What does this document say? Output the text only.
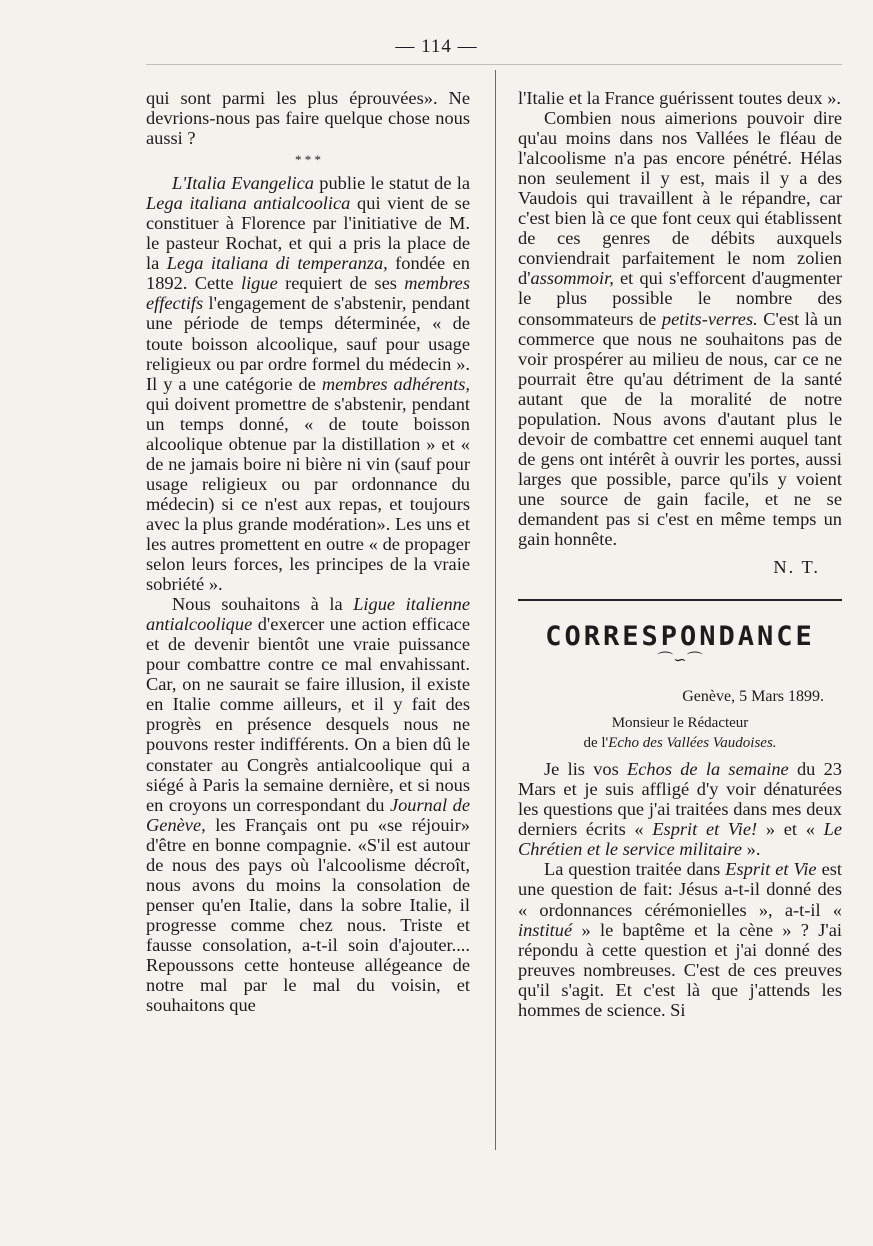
— 114 —

qui sont parmi les plus éprouvées». Ne devrions-nous pas faire quelque chose nous aussi ?

* * *

L'Italia Evangelica publie le statut de la Lega italiana antialcoolica qui vient de se constituer à Florence par l'initiative de M. le pasteur Rochat, et qui a pris la place de la Lega italiana di temperanza, fondée en 1892. Cette ligue requiert de ses membres effectifs l'engagement de s'abstenir, pendant une période de temps déterminée, « de toute boisson alcoolique, sauf pour usage religieux ou par ordre formel du médecin ». Il y a une catégorie de membres adhérents, qui doivent promettre de s'abstenir, pendant un temps donné, « de toute boisson alcoolique obtenue par la distillation » et « de ne jamais boire ni bière ni vin (sauf pour usage religieux ou par ordonnance du médecin) si ce n'est aux repas, et toujours avec la plus grande modération». Les uns et les autres promettent en outre « de propager selon leurs forces, les principes de la vraie sobriété ».

Nous souhaitons à la Ligue italienne antialcoolique d'exercer une action efficace et de devenir bientôt une vraie puissance pour combattre contre ce mal envahissant. Car, on ne saurait se faire illusion, il existe en Italie comme ailleurs, et il y fait des progrès en présence desquels nous ne pouvons rester indifférents. On a bien dû le constater au Congrès antialcoolique qui a siégé à Paris la semaine dernière, et si nous en croyons un correspondant du Journal de Genève, les Français ont pu «se réjouir» d'être en bonne compagnie. «S'il est autour de nous des pays où l'alcoolisme décroît, nous avons du moins la consolation de penser qu'en Italie, dans la sobre Italie, il progresse comme chez nous. Triste et fausse consolation, a-t-il soin d'ajouter.... Repoussons cette honteuse allégeance de notre mal par le mal du voisin, et souhaitons que

l'Italie et la France guérissent toutes deux ».

Combien nous aimerions pouvoir dire qu'au moins dans nos Vallées le fléau de l'alcoolisme n'a pas encore pénétré. Hélas non seulement il y est, mais il y a des Vaudois qui travaillent à le répandre, car c'est bien là ce que font ceux qui établissent de ces genres de débits auxquels conviendrait parfaitement le nom zolien d'assommoir, et qui s'efforcent d'augmenter le plus possible le nombre des consommateurs de petits-verres. C'est là un commerce que nous ne souhaitons pas de voir prospérer au milieu de nous, car ce ne pourrait être qu'au détriment de la santé autant que de la moralité de notre population. Nous avons d'autant plus le devoir de combattre cet ennemi auquel tant de gens ont intérêt à ouvrir les portes, aussi larges que possible, parce qu'ils y voient une source de gain facile, et ne se demandent pas si c'est en même temps un gain honnête.

N. T.
CORRESPONDANCE
⌒∽⌒
Genève, 5 Mars 1899.
Monsieur le Rédacteur
de l'Echo des Vallées Vaudoises.

Je lis vos Echos de la semaine du 23 Mars et je suis affligé d'y voir dénaturées les questions que j'ai traitées dans mes deux derniers écrits « Esprit et Vie! » et « Le Chrétien et le service militaire ».

La question traitée dans Esprit et Vie est une question de fait: Jésus a-t-il donné des « ordonnances cérémonielles », a-t-il « institué » le baptême et la cène » ? J'ai répondu à cette question et j'ai donné des preuves nombreuses. C'est de ces preuves qu'il s'agit. Et c'est là que j'attends les hommes de science. Si
